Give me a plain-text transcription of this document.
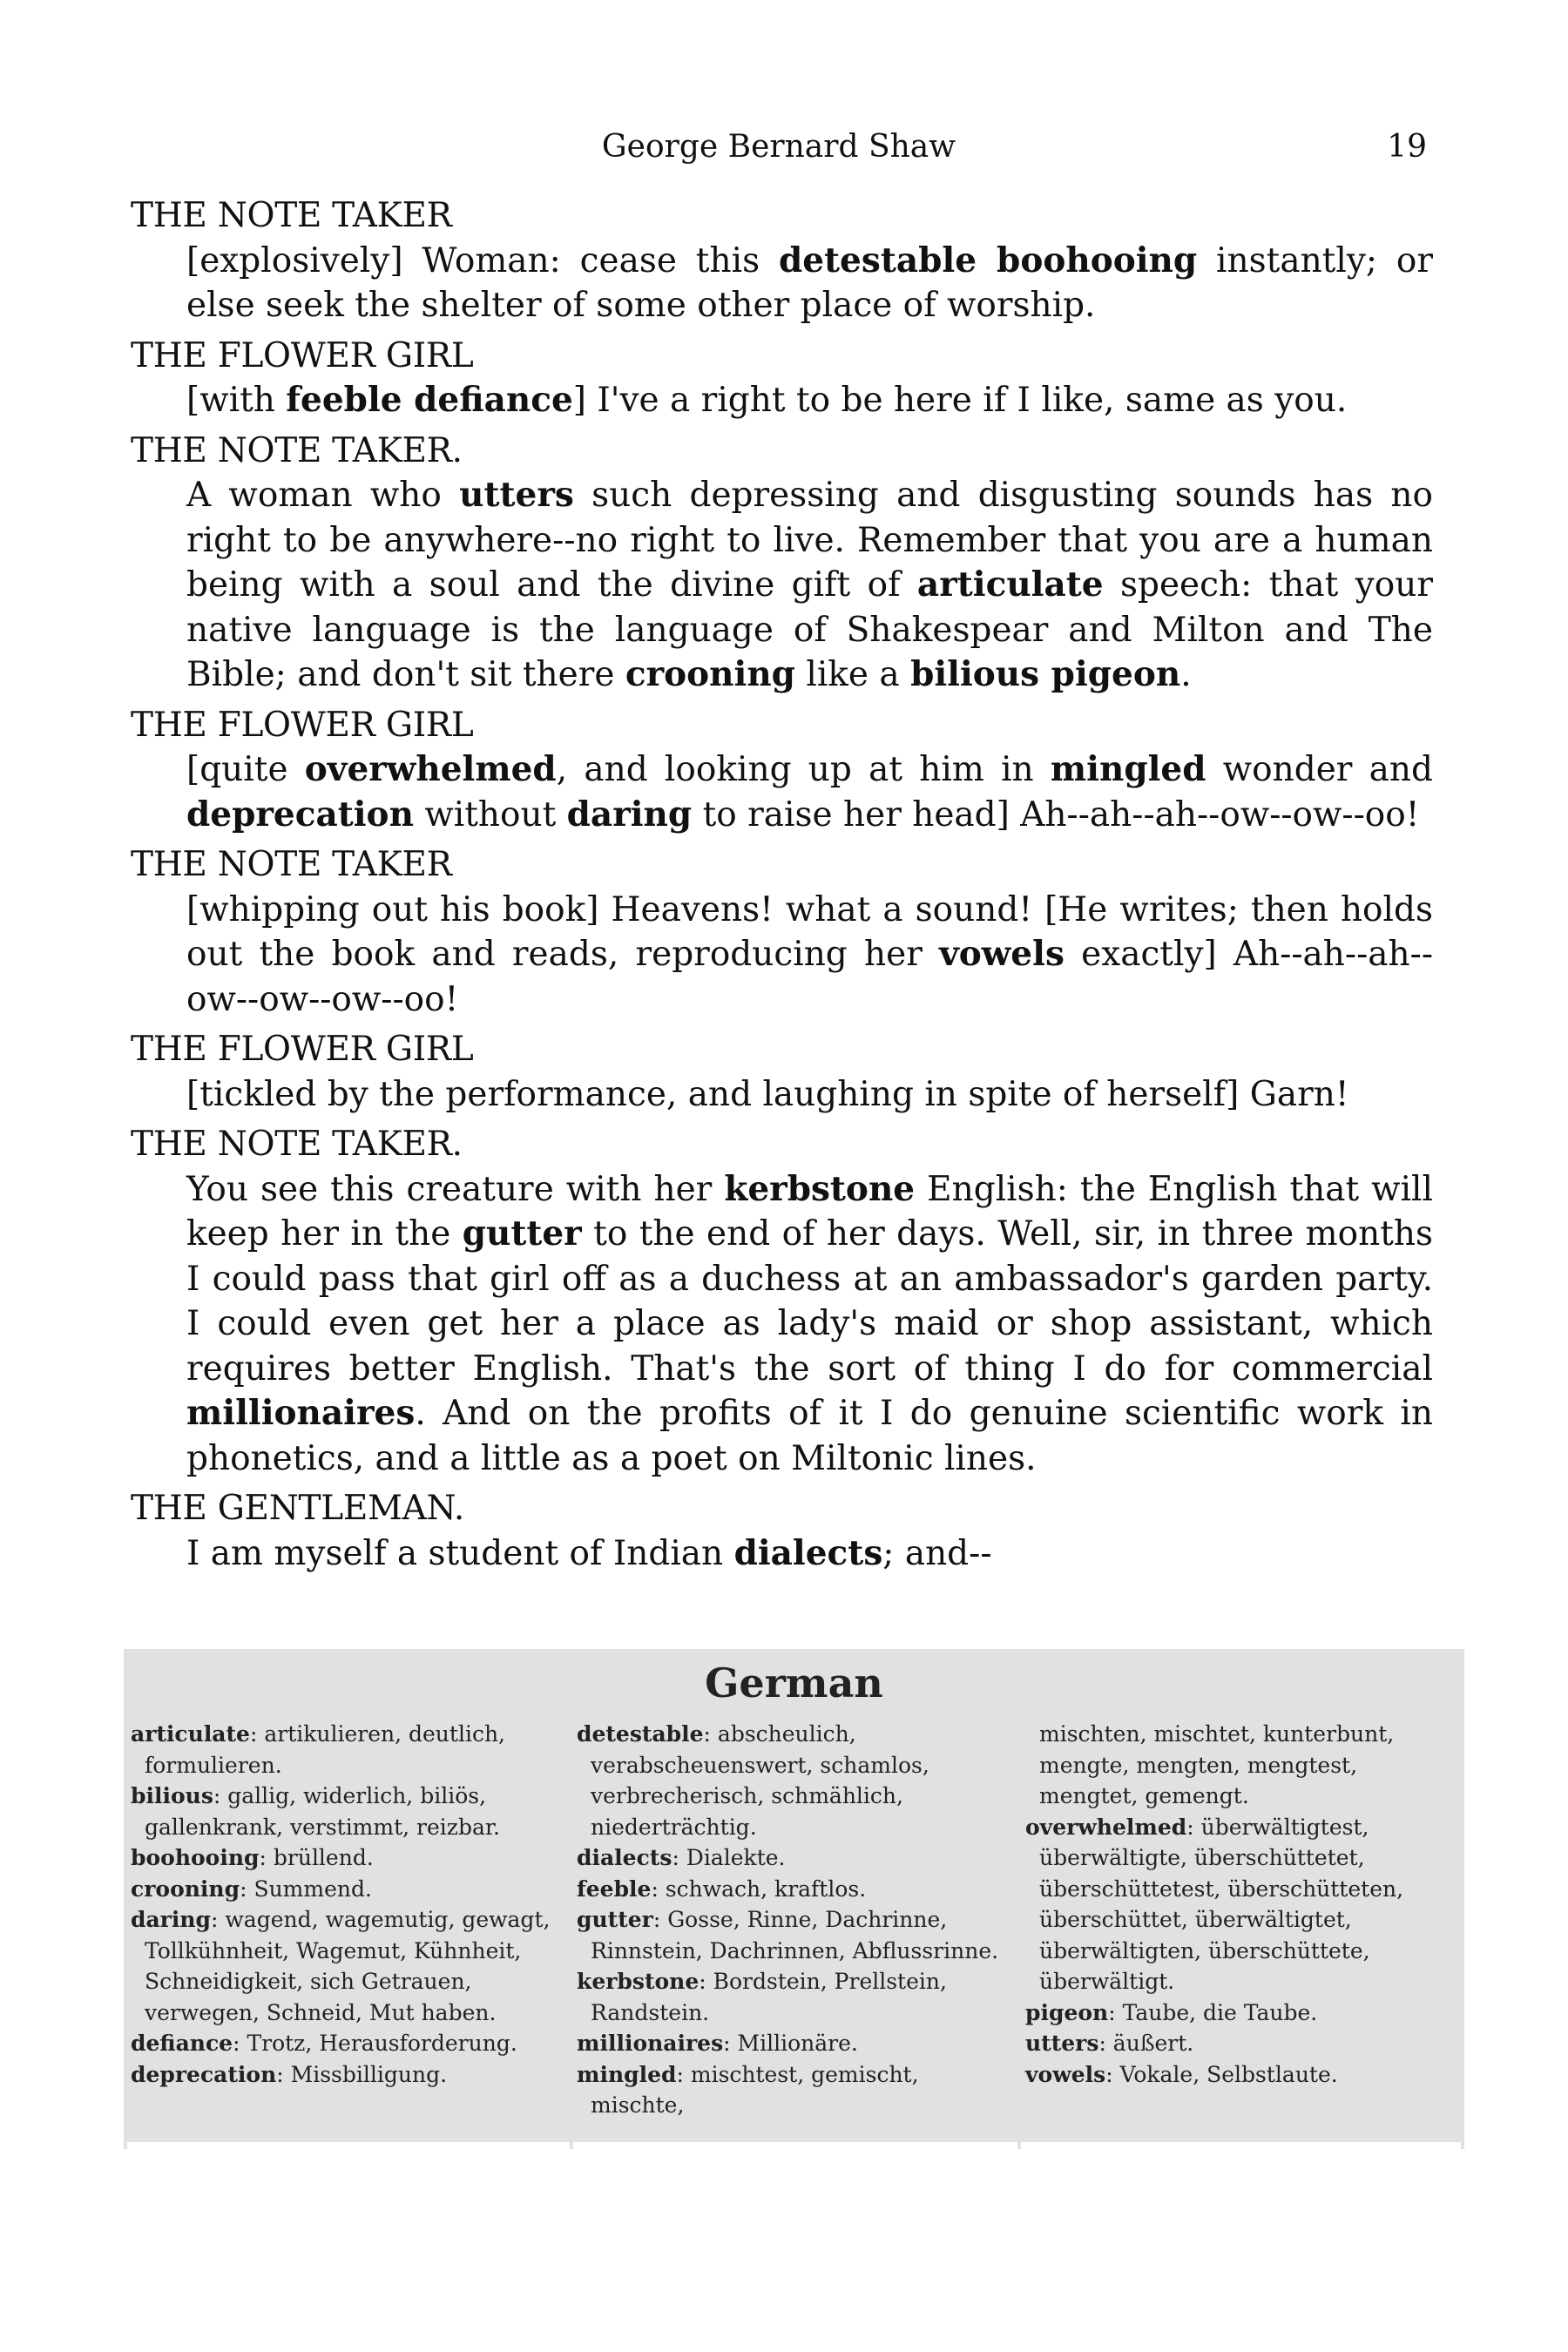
George Bernard Shaw	19

THE NOTE TAKER

[explosively] Woman: cease this detestable boohooing instantly; or else seek the shelter of some other place of worship.

THE FLOWER GIRL

[with feeble defiance] I've a right to be here if I like, same as you.

THE NOTE TAKER.

A woman who utters such depressing and disgusting sounds has no right to be anywhere--no right to live. Remember that you are a human being with a soul and the divine gift of articulate speech: that your native language is the language of Shakespear and Milton and The Bible; and don't sit there crooning like a bilious pigeon.

THE FLOWER GIRL

[quite overwhelmed, and looking up at him in mingled wonder and deprecation without daring to raise her head] Ah--ah--ah--ow--ow--oo!

THE NOTE TAKER

[whipping out his book] Heavens! what a sound! [He writes; then holds out the book and reads, reproducing her vowels exactly] Ah--ah--ah--ow--ow--ow--oo!

THE FLOWER GIRL

[tickled by the performance, and laughing in spite of herself] Garn!

THE NOTE TAKER.

You see this creature with her kerbstone English: the English that will keep her in the gutter to the end of her days. Well, sir, in three months I could pass that girl off as a duchess at an ambassador's garden party. I could even get her a place as lady's maid or shop assistant, which requires better English. That's the sort of thing I do for commercial millionaires. And on the profits of it I do genuine scientific work in phonetics, and a little as a poet on Miltonic lines.

THE GENTLEMAN.

I am myself a student of Indian dialects; and--

German

articulate: artikulieren, deutlich, formulieren.

bilious: gallig, widerlich, biliös, gallenkrank, verstimmt, reizbar.

boohooing: brüllend.

crooning: Summend.

daring: wagend, wagemutig, gewagt, Tollkühnheit, Wagemut, Kühnheit, Schneidigkeit, sich Getrauen, verwegen, Schneid, Mut haben.

defiance: Trotz, Herausforderung.

deprecation: Missbilligung.

detestable: abscheulich, verabscheuenswert, schamlos, verbrecherisch, schmählich, niederträchtig.

dialects: Dialekte.

feeble: schwach, kraftlos.

gutter: Gosse, Rinne, Dachrinne, Rinnstein, Dachrinnen, Abflussrinne.

kerbstone: Bordstein, Prellstein, Randstein.

millionaires: Millionäre.

mingled: mischtest, gemischt, mischte,

mischten, mischtet, kunterbunt, mengte, mengten, mengtest, mengtet, gemengt.

overwhelmed: überwältigtest, überwältigte, überschüttetet, überschüttetest, überschütteten, überschüttet, überwältigtet, überwältigten, überschüttete, überwältigt.

pigeon: Taube, die Taube.

utters: äußert.

vowels: Vokale, Selbstlaute.
